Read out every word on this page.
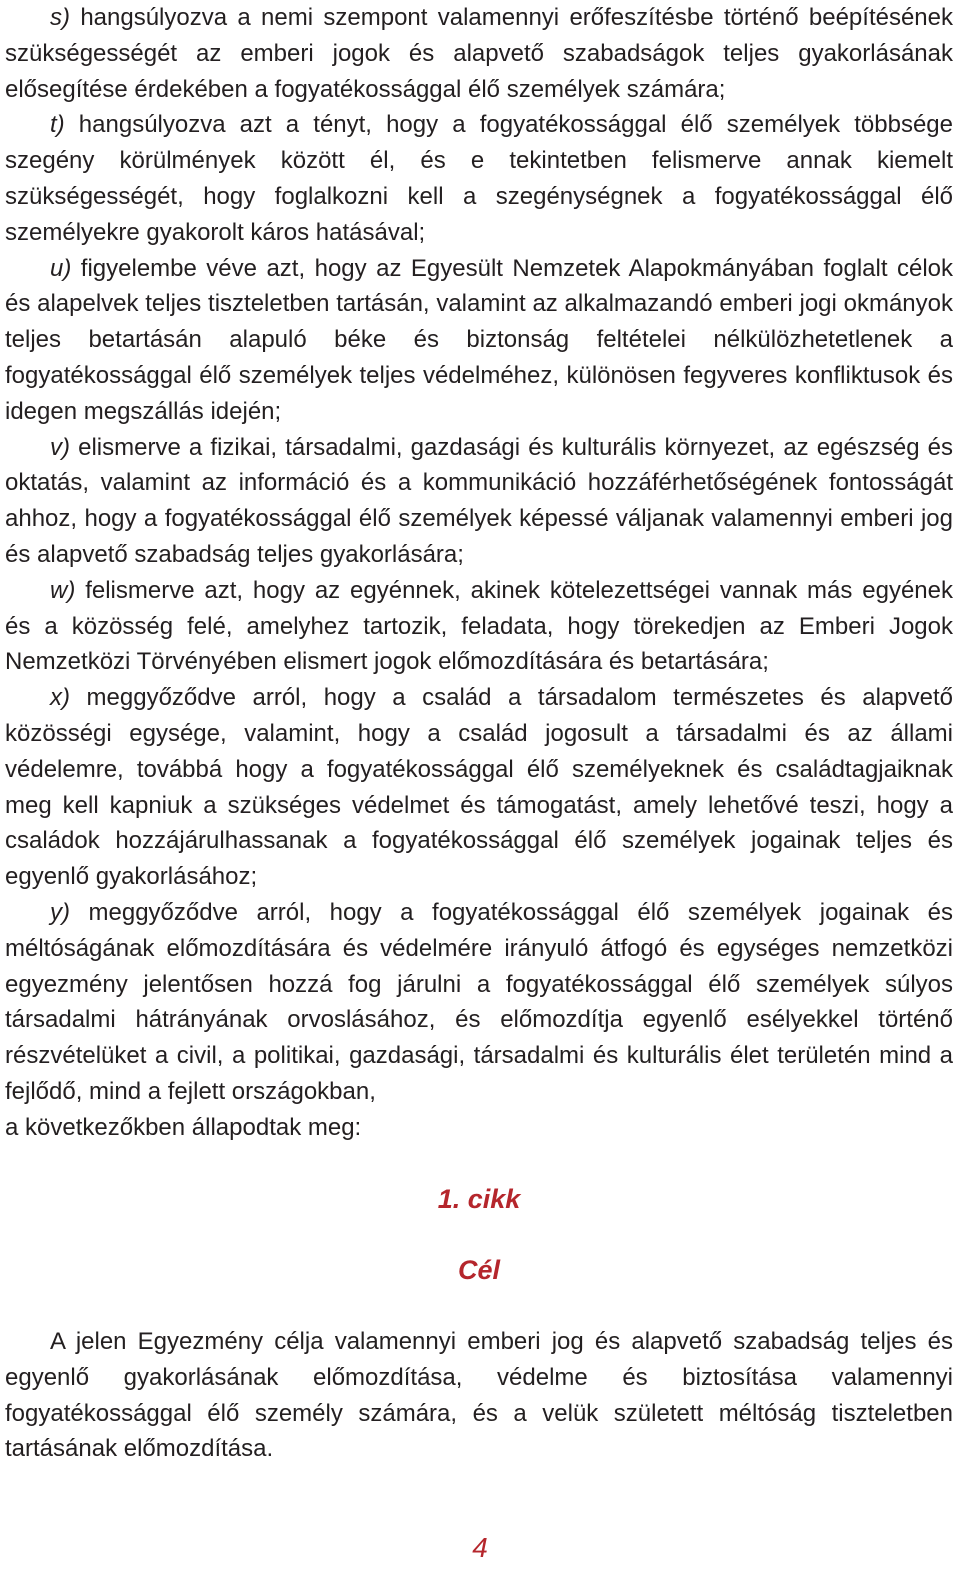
s) hangsúlyozva a nemi szempont valamennyi erőfeszítésbe történő beépítésének szükségességét az emberi jogok és alapvető szabadságok teljes gyakorlásának elősegítése érdekében a fogyatékossággal élő személyek számára;

t) hangsúlyozva azt a tényt, hogy a fogyatékossággal élő személyek többsége szegény körülmények között él, és e tekintetben felismerve annak kiemelt szükségességét, hogy foglalkozni kell a szegénységnek a fogyatékossággal élő személyekre gyakorolt káros hatásával;

u) figyelembe véve azt, hogy az Egyesült Nemzetek Alapokmányában foglalt célok és alapelvek teljes tiszteletben tartásán, valamint az alkalmazandó emberi jogi okmányok teljes betartásán alapuló béke és biztonság feltételei nélkülözhetetlenek a fogyatékossággal élő személyek teljes védelméhez, különösen fegyveres konfliktusok és idegen megszállás idején;

v) elismerve a fizikai, társadalmi, gazdasági és kulturális környezet, az egészség és oktatás, valamint az információ és a kommunikáció hozzáférhetőségének fontosságát ahhoz, hogy a fogyatékossággal élő személyek képessé váljanak valamennyi emberi jog és alapvető szabadság teljes gyakorlására;

w) felismerve azt, hogy az egyénnek, akinek kötelezettségei vannak más egyének és a közösség felé, amelyhez tartozik, feladata, hogy törekedjen az Emberi Jogok Nemzetközi Törvényében elismert jogok előmozdítására és betartására;

x) meggyőződve arról, hogy a család a társadalom természetes és alapvető közösségi egysége, valamint, hogy a család jogosult a társadalmi és az állami védelemre, továbbá hogy a fogyatékossággal élő személyeknek és családtagjaiknak meg kell kapniuk a szükséges védelmet és támogatást, amely lehetővé teszi, hogy a családok hozzájárulhassanak a fogyatékossággal élő személyek jogainak teljes és egyenlő gyakorlásához;

y) meggyőződve arról, hogy a fogyatékossággal élő személyek jogainak és méltóságának előmozdítására és védelmére irányuló átfogó és egységes nemzetközi egyezmény jelentősen hozzá fog járulni a fogyatékossággal élő személyek súlyos társadalmi hátrányának orvoslásához, és előmozdítja egyenlő esélyekkel történő részvételüket a civil, a politikai, gazdasági, társadalmi és kulturális élet területén mind a fejlődő, mind a fejlett országokban,

a következőkben állapodtak meg:

1. cikk
Cél

A jelen Egyezmény célja valamennyi emberi jog és alapvető szabadság teljes és egyenlő gyakorlásának előmozdítása, védelme és biztosítása valamennyi fogyatékossággal élő személy számára, és a velük született méltóság tiszteletben tartásának előmozdítása.

4
